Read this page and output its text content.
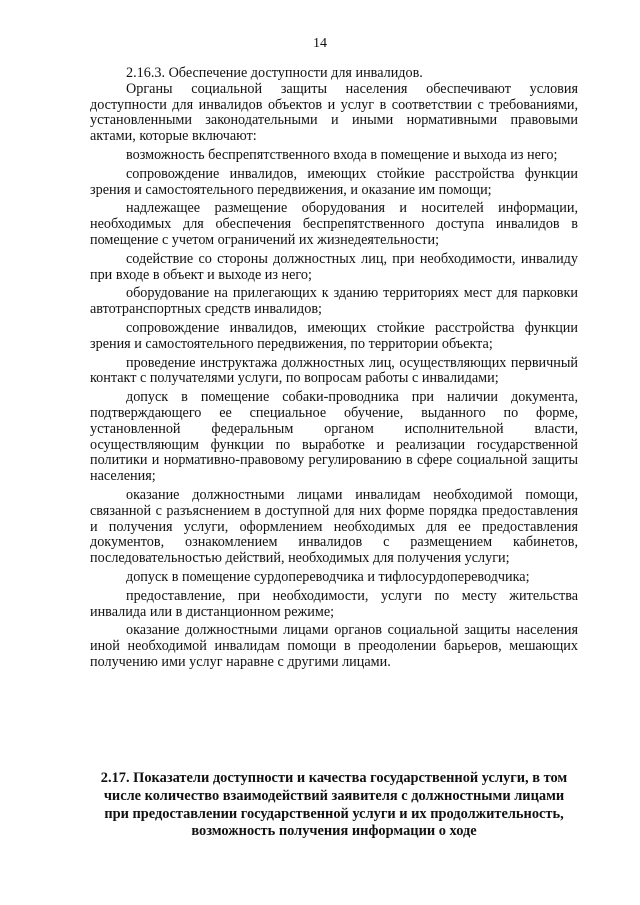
14

2.16.3. Обеспечение доступности для инвалидов.

Органы социальной защиты населения обеспечивают условия доступности для инвалидов объектов и услуг в соответствии с требованиями, установленными законодательными и иными нормативными правовыми актами, которые включают:

возможность беспрепятственного входа в помещение и выхода из него;

сопровождение инвалидов, имеющих стойкие расстройства функции зрения и самостоятельного передвижения, и оказание им помощи;

надлежащее размещение оборудования и носителей информации, необходимых для обеспечения беспрепятственного доступа инвалидов в помещение с учетом ограничений их жизнедеятельности;

содействие со стороны должностных лиц, при необходимости, инвалиду при входе в объект и выходе из него;

оборудование на прилегающих к зданию территориях мест для парковки автотранспортных средств инвалидов;

сопровождение инвалидов, имеющих стойкие расстройства функции зрения и самостоятельного передвижения, по территории объекта;

проведение инструктажа должностных лиц, осуществляющих первичный контакт с получателями услуги, по вопросам работы с инвалидами;

допуск в помещение собаки-проводника при наличии документа, подтверждающего ее специальное обучение, выданного по форме, установленной федеральным органом исполнительной власти, осуществляющим функции по выработке и реализации государственной политики и нормативно-правовому регулированию в сфере социальной защиты населения;

оказание должностными лицами инвалидам необходимой помощи, связанной с разъяснением в доступной для них форме порядка предоставления и получения услуги, оформлением необходимых для ее предоставления документов, ознакомлением инвалидов с размещением кабинетов, последовательностью действий, необходимых для получения услуги;

допуск в помещение сурдопереводчика и тифлосурдопереводчика;

предоставление, при необходимости, услуги по месту жительства инвалида или в дистанционном режиме;

оказание должностными лицами органов социальной защиты населения иной необходимой инвалидам помощи в преодолении барьеров, мешающих получению ими услуг наравне с другими лицами.

2.17. Показатели доступности и качества государственной услуги, в том числе количество взаимодействий заявителя с должностными лицами при предоставлении государственной услуги и их продолжительность, возможность получения информации о ходе
